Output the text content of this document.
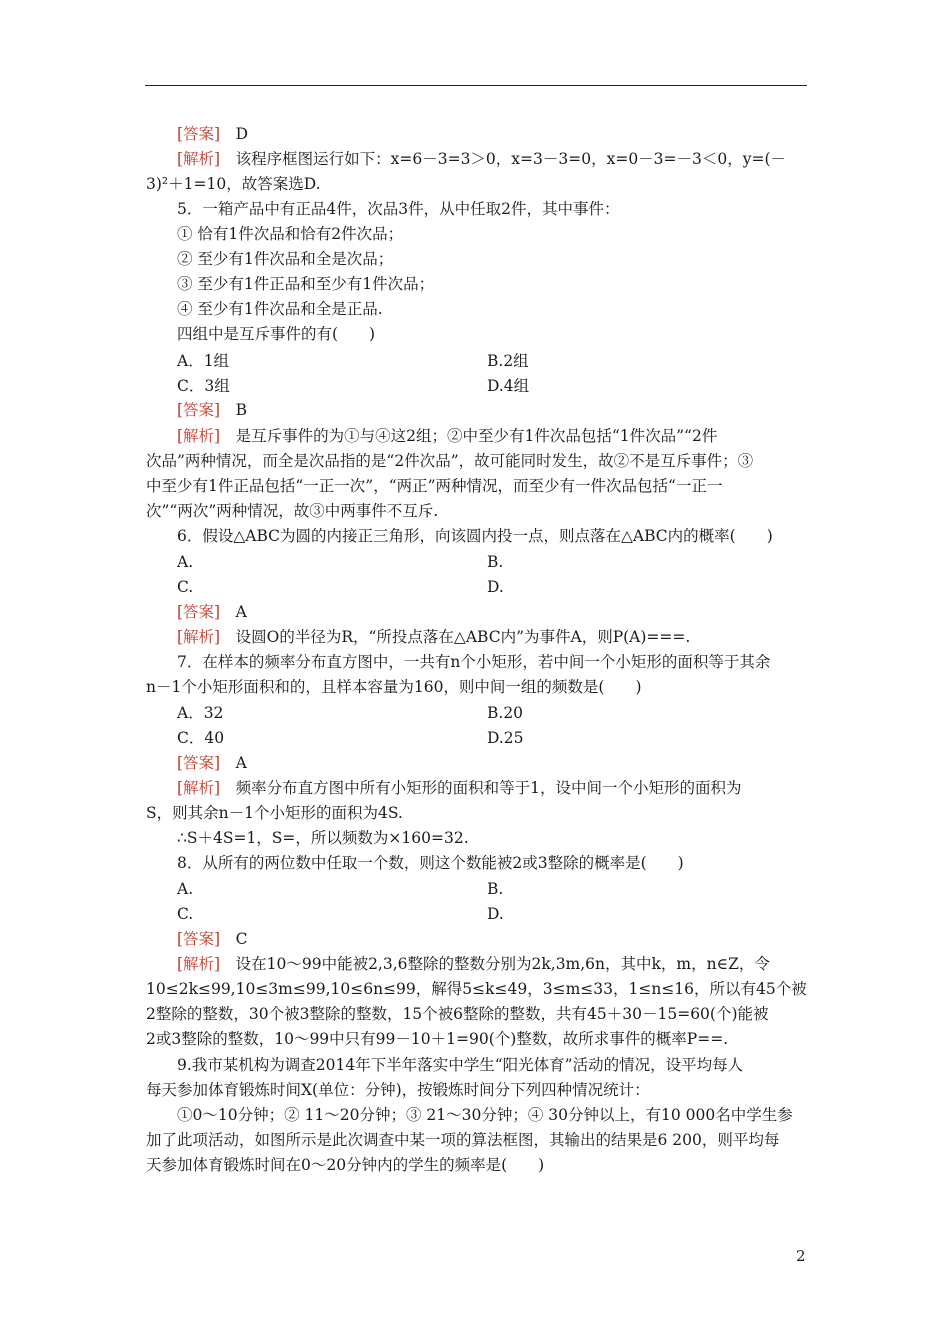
[答案]　 D
[解析]　 该程序框图运行如下：x=6－3=3＞0，x=3－3=0，x=0－3=－3＜0，y=(－
3)²＋1=10，故答案选D.
5．一箱产品中有正品4件，次品3件，从中任取2件，其中事件：
① 恰有1件次品和恰有2件次品；
② 至少有1件次品和全是次品；
③ 至少有1件正品和至少有1件次品；
④ 至少有1件次品和全是正品.
四组中是互斥事件的有(　　)
A．1组	B.2组
C．3组	D.4组
[答案]　 B
[解析]　 是互斥事件的为①与④这2组；②中至少有1件次品包括“1件次品”“2件
次品”两种情况，而全是次品指的是“2件次品”，故可能同时发生，故②不是互斥事件；③
中至少有1件正品包括“一正一次”，“两正”两种情况，而至少有一件次品包括“一正一
次”“两次”两种情况，故③中两事件不互斥.
6．假设△ABC为圆的内接正三角形，向该圆内投一点，则点落在△ABC内的概率(　　)
A.	B.
C.	D.
[答案]　 A
[解析]　 设圆O的半径为R，“所投点落在△ABC内”为事件A，则P(A)===.
7．在样本的频率分布直方图中，一共有n个小矩形，若中间一个小矩形的面积等于其余
n－1个小矩形面积和的，且样本容量为160，则中间一组的频数是(　　)
A．32	B.20
C．40	D.25
[答案]　 A
[解析]　 频率分布直方图中所有小矩形的面积和等于1，设中间一个小矩形的面积为
S，则其余n－1个小矩形的面积为4S.
∴S＋4S=1，S=，所以频数为×160=32.
8．从所有的两位数中任取一个数，则这个数能被2或3整除的概率是(　　)
A.	B.
C.	D.
[答案]　 C
[解析]　 设在10～99中能被2,3,6整除的整数分别为2k,3m,6n，其中k，m，n∈Z，令
10≤2k≤99,10≤3m≤99,10≤6n≤99，解得5≤k≤49，3≤m≤33，1≤n≤16，所以有45个被
2整除的整数，30个被3整除的整数，15个被6整除的整数，共有45＋30－15=60(个)能被
2或3整除的整数，10～99中只有99－10＋1=90(个)整数，故所求事件的概率P==.
9.我市某机构为调查2014年下半年落实中学生“阳光体育”活动的情况，设平均每人
每天参加体育锻炼时间X(单位：分钟)，按锻炼时间分下列四种情况统计：
①0～10分钟；② 11～20分钟；③ 21～30分钟；④ 30分钟以上，有10 000名中学生参
加了此项活动，如图所示是此次调查中某一项的算法框图，其输出的结果是6 200，则平均每
天参加体育锻炼时间在0～20分钟内的学生的频率是(　　)
2
